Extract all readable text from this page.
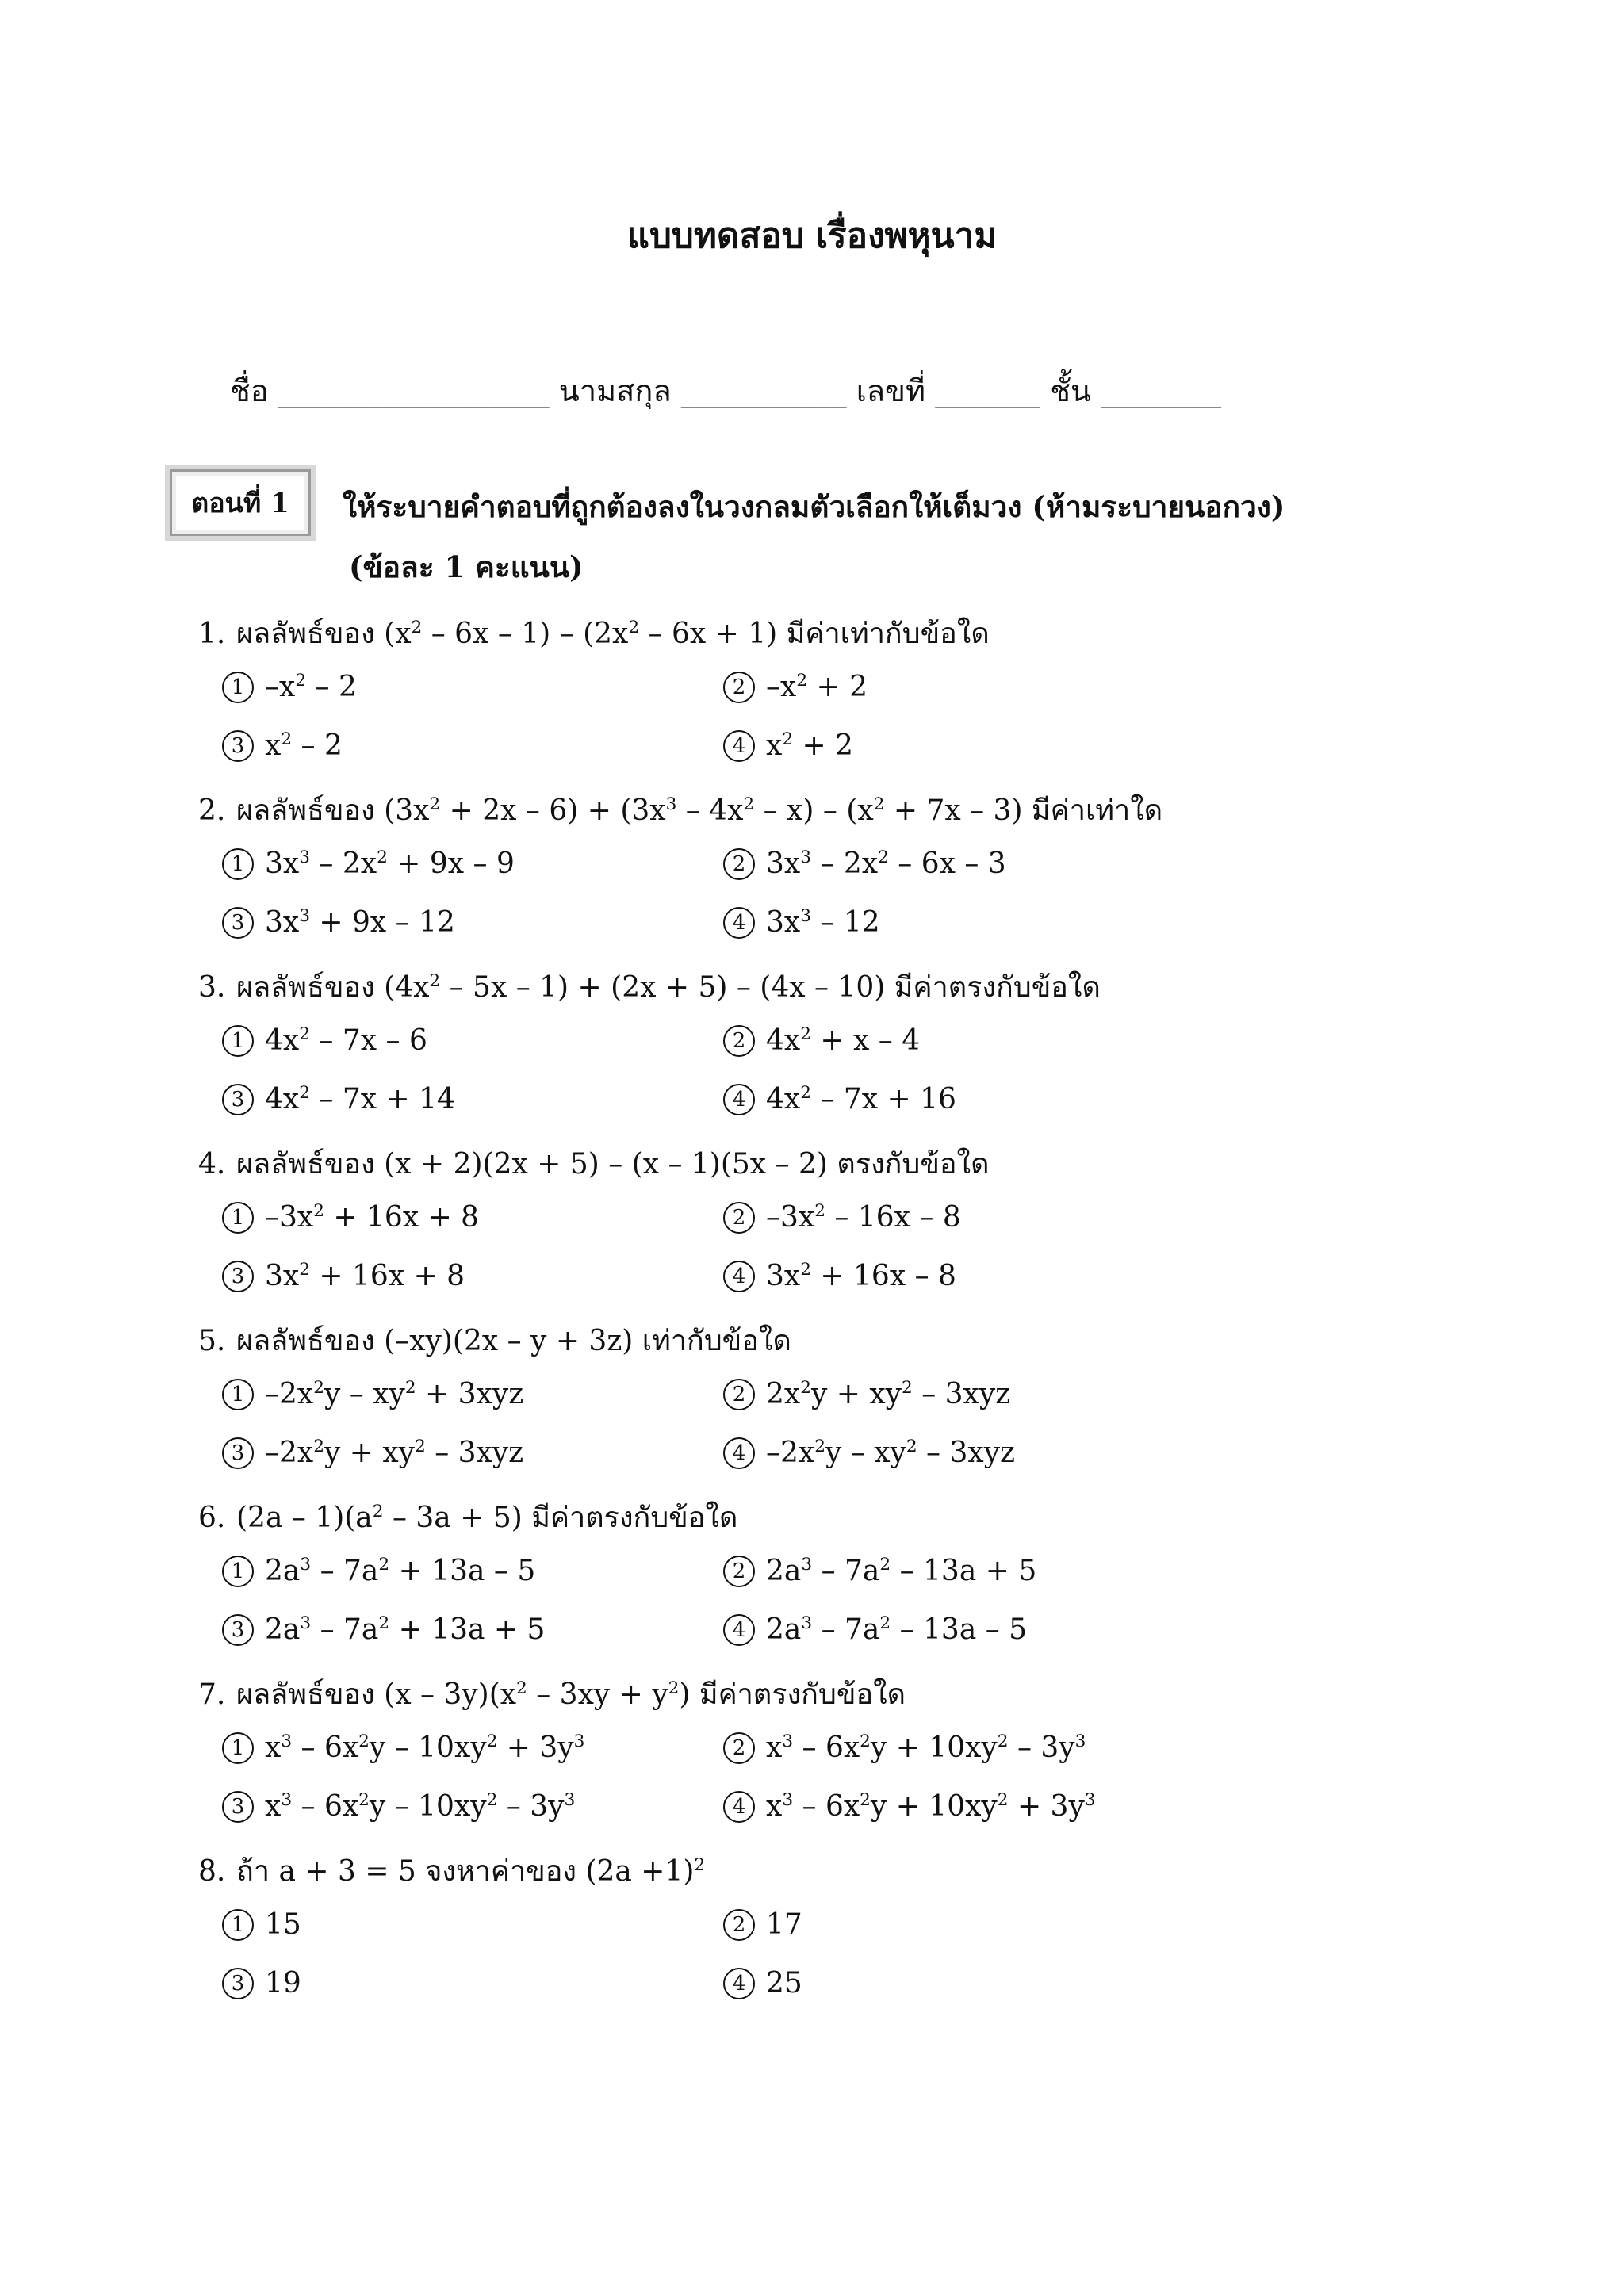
แบบทดสอบ เรื่องพหุนาม
ชื่อ __________________ นามสกุล ___________ เลขที่ _______ ชั้น ________
ตอนที่ 1 ให้ระบายคำตอบที่ถูกต้องลงในวงกลมตัวเลือกให้เต็มวง (ห้ามระบายนอกวง)
(ข้อละ 1 คะแนน)
1. ผลลัพธ์ของ $(x^2 - 6x - 1) - (2x^2 - 6x + 1)$ มีค่าเท่ากับข้อใด
1 $-x^2 - 2$	2 $-x^2 + 2$
3 $x^2 - 2$	4 $x^2 + 2$
2. ผลลัพธ์ของ $(3x^2 + 2x - 6) + (3x^3 - 4x^2 - x) - (x^2 + 7x - 3)$ มีค่าเท่าใด
1 $3x^3 - 2x^2 + 9x - 9$	2 $3x^3 - 2x^2 - 6x - 3$
3 $3x^3 + 9x - 12$	4 $3x^3 - 12$
3. ผลลัพธ์ของ $(4x^2 - 5x - 1) + (2x + 5) - (4x - 10)$ มีค่าตรงกับข้อใด
1 $4x^2 - 7x - 6$	2 $4x^2 + x - 4$
3 $4x^2 - 7x + 14$	4 $4x^2 - 7x + 16$
4. ผลลัพธ์ของ (x + 2)(2x + 5) – (x – 1)(5x – 2) ตรงกับข้อใด
1 $-3x^2 + 16x + 8$	2 $-3x^2 - 16x - 8$
3 $3x^2 + 16x + 8$	4 $3x^2 + 16x - 8$
5. ผลลัพธ์ของ (–xy)(2x – y + 3z) เท่ากับข้อใด
1 $-2x^2y - xy^2 + 3xyz$	2 $2x^2y + xy^2 - 3xyz$
3 $-2x^2y + xy^2 - 3xyz$	4 $-2x^2y - xy^2 - 3xyz$
6. $(2a - 1)(a^2 - 3a + 5)$ มีค่าตรงกับข้อใด
1 $2a^3 - 7a^2 + 13a - 5$	2 $2a^3 - 7a^2 - 13a + 5$
3 $2a^3 - 7a^2 + 13a + 5$	4 $2a^3 - 7a^2 - 13a - 5$
7. ผลลัพธ์ของ $(x - 3y)(x^2 - 3xy + y^2)$ มีค่าตรงกับข้อใด
1 $x^3 - 6x^2y - 10xy^2 + 3y^3$	2 $x^3 - 6x^2y + 10xy^2 - 3y^3$
3 $x^3 - 6x^2y - 10xy^2 - 3y^3$	4 $x^3 - 6x^2y + 10xy^2 + 3y^3$
8. ถ้า a + 3 = 5 จงหาค่าของ $(2a +1)^2$
1 15	2 17
3 19	4 25
